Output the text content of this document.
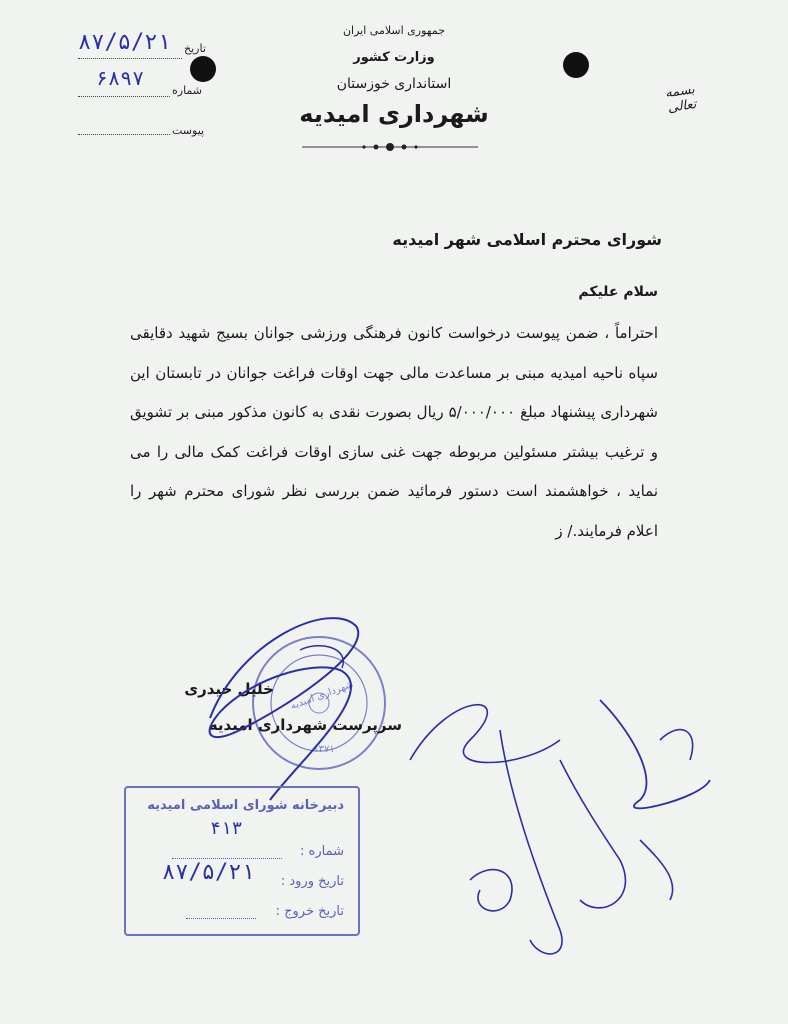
جمهوری اسلامی ایران
وزارت کشور
استانداری خوزستان
شهرداری امیدیه
بسمه تعالی
تاریخ
۸۷/۵/۲۱
شماره
۶۸۹۷
پیوست
شورای محترم اسلامی شهر امیدیه
سلام علیکم
احتراماً ، ضمن پیوست درخواست کانون فرهنگی ورزشی جوانان بسیج شهید دقایقی سپاه ناحیه امیدیه مبنی بر مساعدت مالی جهت اوقات فراغت جوانان در تابستان این شهرداری پیشنهاد مبلغ ۵/۰۰۰/۰۰۰ ریال بصورت نقدی به کانون مذکور مبنی بر تشویق و ترغیب بیشتر مسئولین مربوطه جهت غنی سازی اوقات فراغت کمک مالی را می نماید ، خواهشمند است دستور فرمائید ضمن بررسی نظر شورای محترم شهر را اعلام فرمایند./ ز
شهرداری امیدیه
۱۳۷۱
خلیل حیدری
سرپرست شهرداری امیدیه
دبیرخانه شورای اسلامی امیدیه
۴۱۳
شماره :
۸۷/۵/۲۱ تاریخ ورود :
تاریخ خروج :
